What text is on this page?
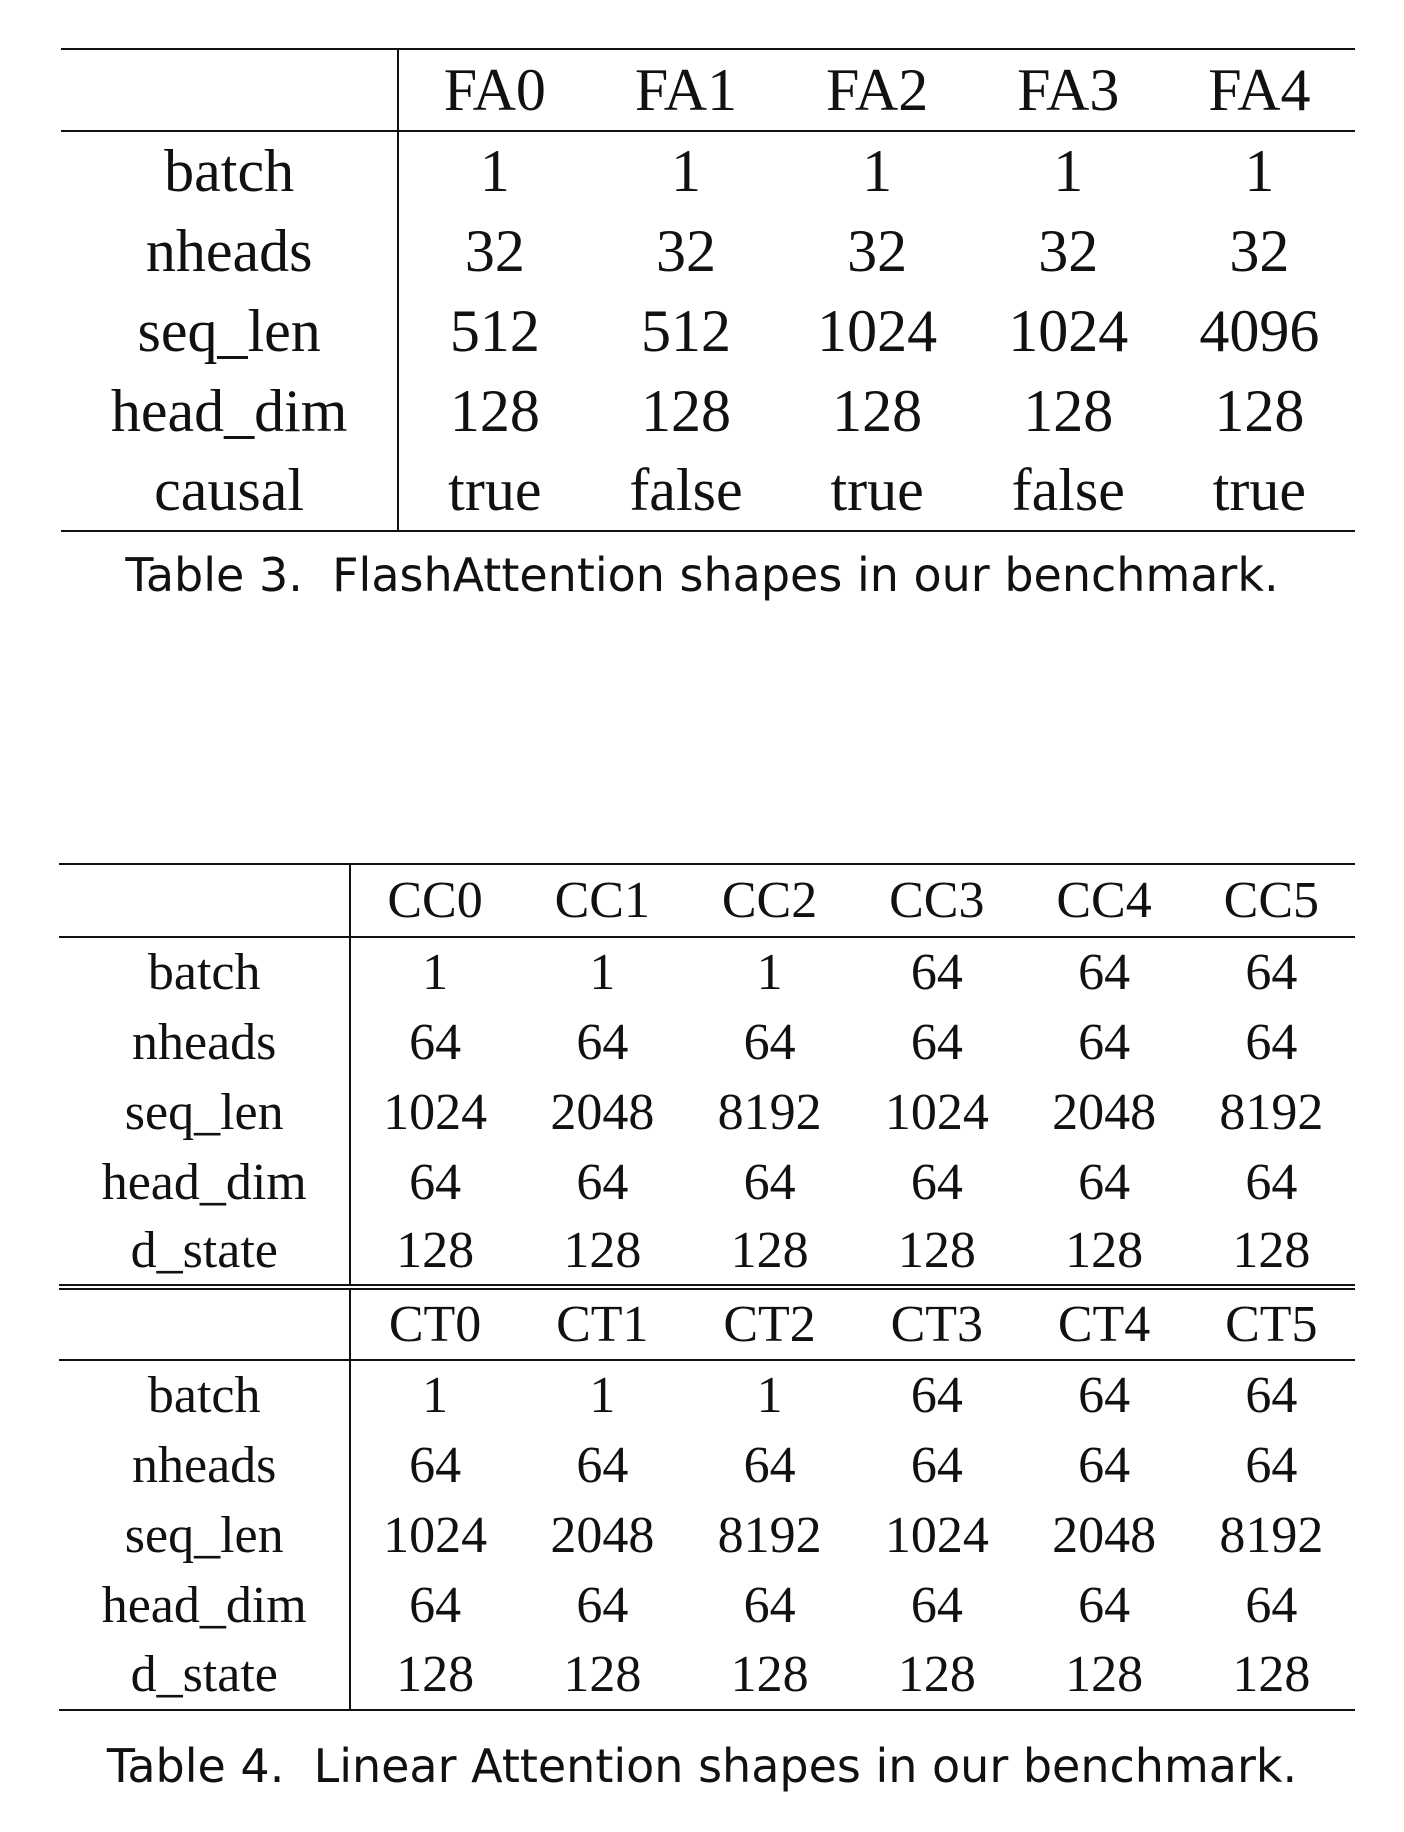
	FA0	FA1	FA2	FA3	FA4
batch	1	1	1	1	1
nheads	32	32	32	32	32
seq_len	512	512	1024	1024	4096
head_dim	128	128	128	128	128
causal	true	false	true	false	true
Table 3.  FlashAttention shapes in our benchmark.
	CC0	CC1	CC2	CC3	CC4	CC5
batch	1	1	1	64	64	64
nheads	64	64	64	64	64	64
seq_len	1024	2048	8192	1024	2048	8192
head_dim	64	64	64	64	64	64
d_state	128	128	128	128	128	128
	CT0	CT1	CT2	CT3	CT4	CT5
batch	1	1	1	64	64	64
nheads	64	64	64	64	64	64
seq_len	1024	2048	8192	1024	2048	8192
head_dim	64	64	64	64	64	64
d_state	128	128	128	128	128	128
Table 4.  Linear Attention shapes in our benchmark.
